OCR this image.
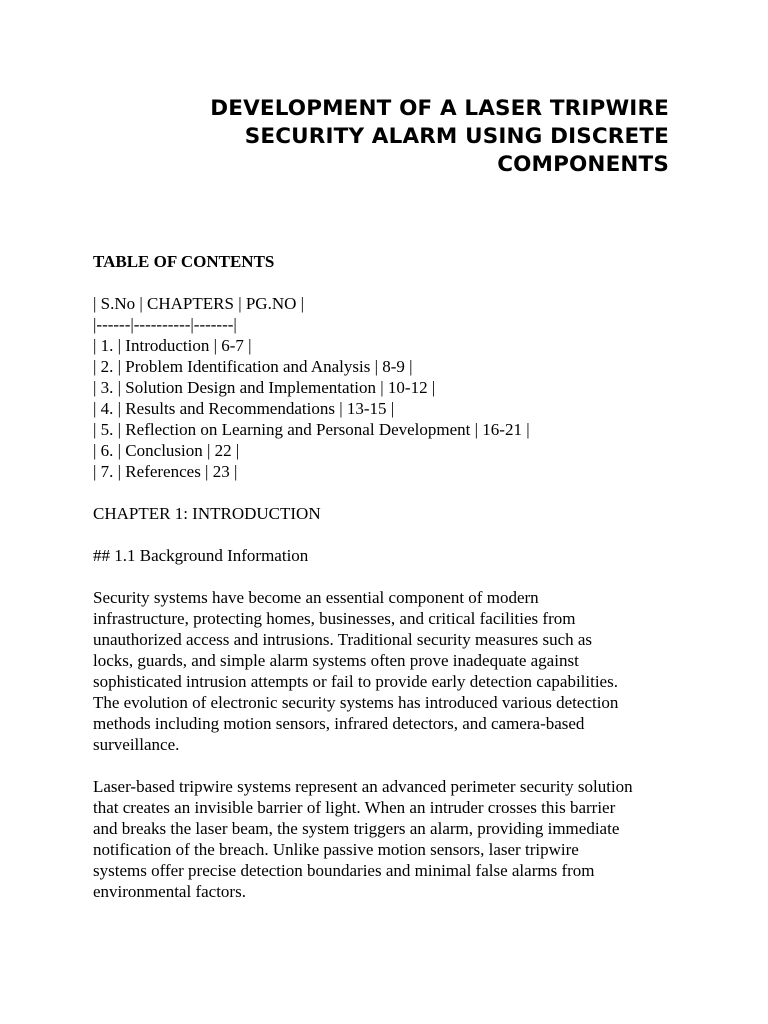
DEVELOPMENT OF A LASER TRIPWIRE
SECURITY ALARM USING DISCRETE
COMPONENTS

TABLE OF CONTENTS

| S.No | CHAPTERS | PG.NO |

|------|----------|-------|

| 1. | Introduction | 6-7 |

| 2. | Problem Identification and Analysis | 8-9 |

| 3. | Solution Design and Implementation | 10-12 |

| 4. | Results and Recommendations | 13-15 |

| 5. | Reflection on Learning and Personal Development | 16-21 |

| 6. | Conclusion | 22 |

| 7. | References | 23 |

CHAPTER 1: INTRODUCTION

## 1.1 Background Information

Security systems have become an essential component of modern

infrastructure, protecting homes, businesses, and critical facilities from

unauthorized access and intrusions. Traditional security measures such as

locks, guards, and simple alarm systems often prove inadequate against

sophisticated intrusion attempts or fail to provide early detection capabilities.

The evolution of electronic security systems has introduced various detection

methods including motion sensors, infrared detectors, and camera-based

surveillance.

Laser-based tripwire systems represent an advanced perimeter security solution

that creates an invisible barrier of light. When an intruder crosses this barrier

and breaks the laser beam, the system triggers an alarm, providing immediate

notification of the breach. Unlike passive motion sensors, laser tripwire

systems offer precise detection boundaries and minimal false alarms from

environmental factors.
